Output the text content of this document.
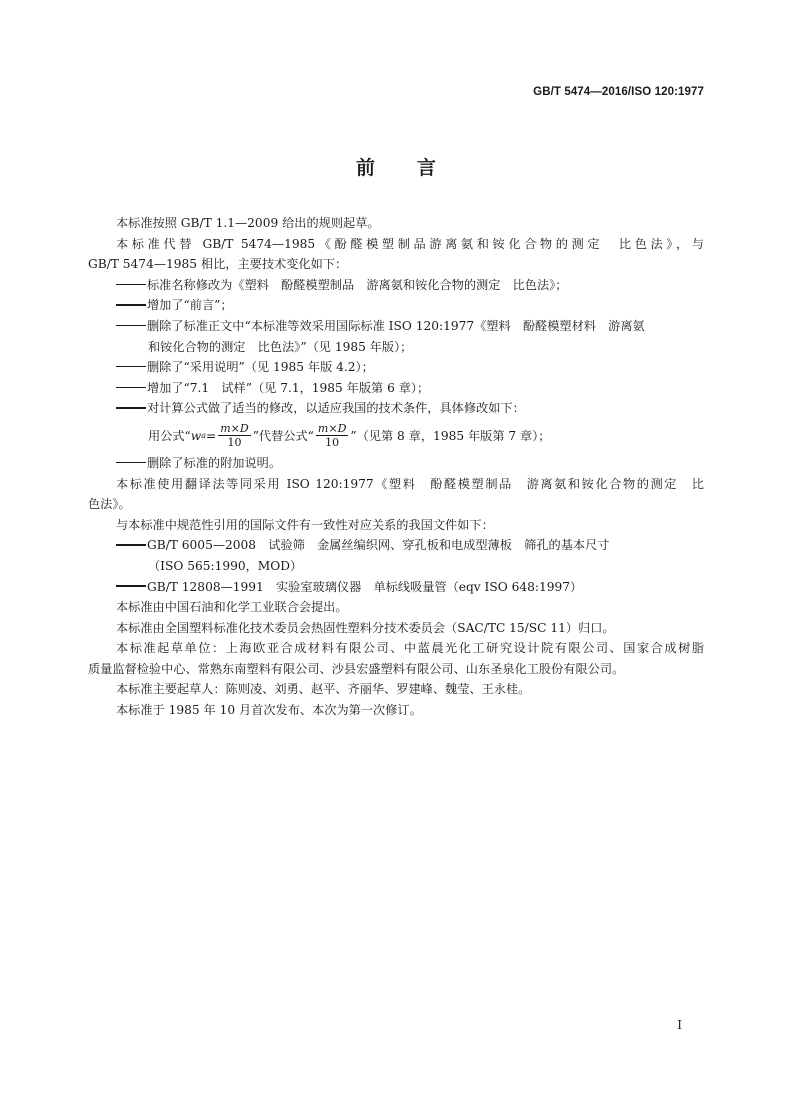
GB/T 5474—2016/ISO 120:1977
前 言
本标准按照 GB/T 1.1—2009 给出的规则起草。
本标准代替 GB/T 5474—1985《酚醛模塑制品游离氨和铵化合物的测定　比色法》，与
GB/T 5474—1985 相比，主要技术变化如下：
标准名称修改为《塑料　酚醛模塑制品　游离氨和铵化合物的测定　比色法》；
增加了“前言”；
删除了标准正文中“本标准等效采用国际标准 ISO 120:1977《塑料　酚醛模塑材料　游离氨
和铵化合物的测定　比色法》”（见 1985 年版）；
删除了“采用说明”（见 1985 年版 4.2）；
增加了“7.1　试样”（见 7.1，1985 年版第 6 章）；
对计算公式做了适当的修改，以适应我国的技术条件，具体修改如下：
用公式“ w $a = \frac{m\times D}{10}$ ”代替公式“ $\frac{m\times D}{10}$ ”（见第 8 章，1985 年版第 7 章）；
删除了标准的附加说明。
本标准使用翻译法等同采用 ISO 120:1977《塑料　酚醛模塑制品　游离氨和铵化合物的测定　比
色法》。
与本标准中规范性引用的国际文件有一致性对应关系的我国文件如下：
GB/T 6005—2008　试验筛　金属丝编织网、穿孔板和电成型薄板　筛孔的基本尺寸
（ISO 565:1990，MOD）
GB/T 12808—1991　实验室玻璃仪器　单标线吸量管（eqv ISO 648:1997）
本标准由中国石油和化学工业联合会提出。
本标准由全国塑料标准化技术委员会热固性塑料分技术委员会（SAC/TC 15/SC 11）归口。
本标准起草单位：上海欧亚合成材料有限公司、中蓝晨光化工研究设计院有限公司、国家合成树脂
质量监督检验中心、常熟东南塑料有限公司、沙县宏盛塑料有限公司、山东圣泉化工股份有限公司。
本标准主要起草人：陈则凌、刘勇、赵平、齐丽华、罗建峰、魏莹、王永桂。
本标准于 1985 年 10 月首次发布、本次为第一次修订。
I
